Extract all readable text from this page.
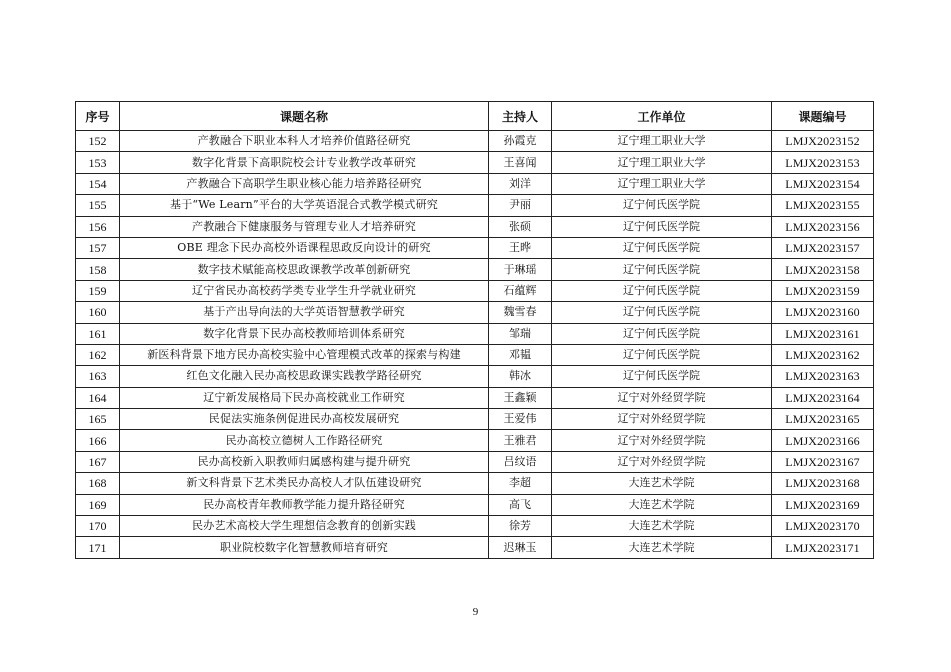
序号	课题名称	主持人	工作单位	课题编号
152	产教融合下职业本科人才培养价值路径研究	孙霞克	辽宁理工职业大学	LMJX2023152
153	数字化背景下高职院校会计专业教学改革研究	王喜闻	辽宁理工职业大学	LMJX2023153
154	产教融合下高职学生职业核心能力培养路径研究	刘洋	辽宁理工职业大学	LMJX2023154
155	基于“We Learn”平台的大学英语混合式教学模式研究	尹丽	辽宁何氏医学院	LMJX2023155
156	产教融合下健康服务与管理专业人才培养研究	张硕	辽宁何氏医学院	LMJX2023156
157	OBE 理念下民办高校外语课程思政反向设计的研究	王晔	辽宁何氏医学院	LMJX2023157
158	数字技术赋能高校思政课教学改革创新研究	于琳瑶	辽宁何氏医学院	LMJX2023158
159	辽宁省民办高校药学类专业学生升学就业研究	石蕴辉	辽宁何氏医学院	LMJX2023159
160	基于产出导向法的大学英语智慧教学研究	魏雪春	辽宁何氏医学院	LMJX2023160
161	数字化背景下民办高校教师培训体系研究	邹瑞	辽宁何氏医学院	LMJX2023161
162	新医科背景下地方民办高校实验中心管理模式改革的探索与构建	邓韫	辽宁何氏医学院	LMJX2023162
163	红色文化融入民办高校思政课实践教学路径研究	韩冰	辽宁何氏医学院	LMJX2023163
164	辽宁新发展格局下民办高校就业工作研究	王鑫颖	辽宁对外经贸学院	LMJX2023164
165	民促法实施条例促进民办高校发展研究	王爱伟	辽宁对外经贸学院	LMJX2023165
166	民办高校立德树人工作路径研究	王雅君	辽宁对外经贸学院	LMJX2023166
167	民办高校新入职教师归属感构建与提升研究	吕纹语	辽宁对外经贸学院	LMJX2023167
168	新文科背景下艺术类民办高校人才队伍建设研究	李超	大连艺术学院	LMJX2023168
169	民办高校青年教师教学能力提升路径研究	高飞	大连艺术学院	LMJX2023169
170	民办艺术高校大学生理想信念教育的创新实践	徐芳	大连艺术学院	LMJX2023170
171	职业院校数字化智慧教师培育研究	迟琳玉	大连艺术学院	LMJX2023171
9
